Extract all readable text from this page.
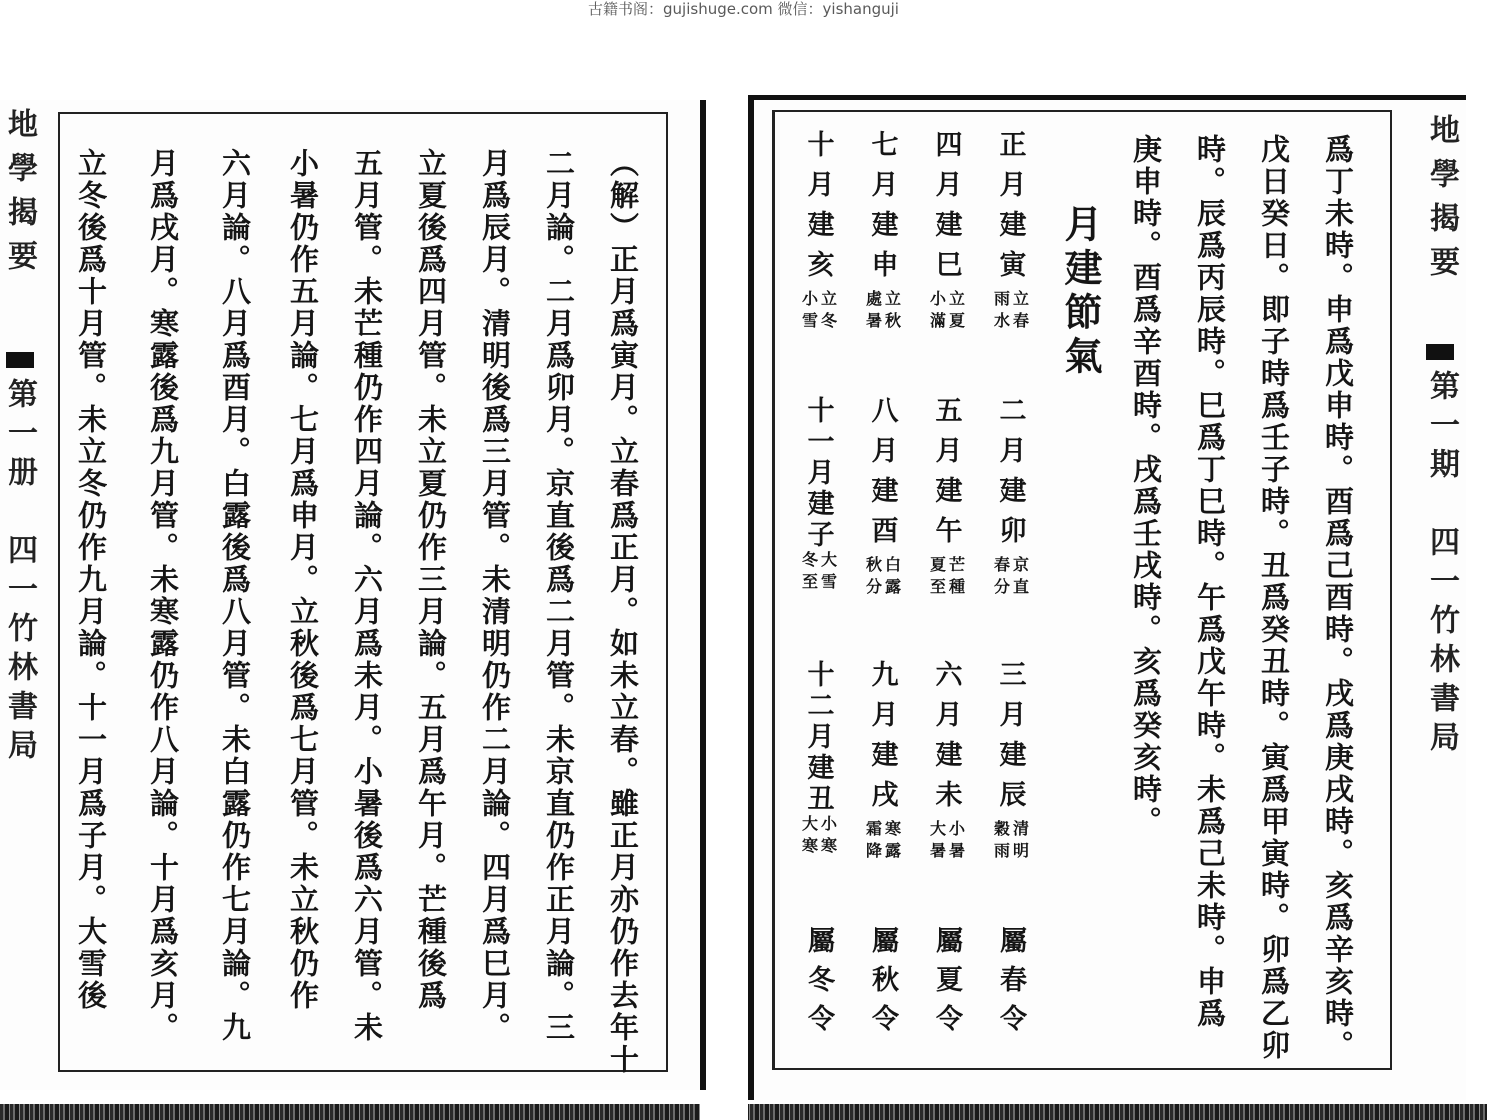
古籍书阁：gujishuge.com 微信：yishanguji
地學揭要
第一册　四一竹林書局	（解）正月爲寅月。立春爲正月。如未立春。雖正月亦仍作去年十
二月論。二月爲卯月。京直後爲二月管。未京直仍作正月論。三
月爲辰月。清明後爲三月管。未清明仍作二月論。四月爲巳月。
立夏後爲四月管。未立夏仍作三月論。五月爲午月。芒種後爲
五月管。未芒種仍作四月論。六月爲未月。小暑後爲六月管。未
小暑仍作五月論。七月爲申月。立秋後爲七月管。未立秋仍作
六月論。八月爲酉月。白露後爲八月管。未白露仍作七月論。九
月爲戌月。寒露後爲九月管。未寒露仍作八月論。十月爲亥月。
立冬後爲十月管。未立冬仍作九月論。十一月爲子月。大雪後	爲丁未時。申爲戊申時。酉爲己酉時。戌爲庚戌時。亥爲辛亥時。
戊日癸日。即子時爲壬子時。丑爲癸丑時。寅爲甲寅時。卯爲乙卯
時。辰爲丙辰時。巳爲丁巳時。午爲戊午時。未爲己未時。申爲
庚申時。酉爲辛酉時。戌爲壬戌時。亥爲癸亥時。
月建節氣
正月建寅
立春
雨水
二月建卯
京直
春分
三月建辰
清明
穀雨
屬春令
四月建巳
立夏
小滿
五月建午
芒種
夏至
六月建未
小暑
大暑
屬夏令
七月建申
立秋
處暑
八月建酉
白露
秋分
九月建戌
寒露
霜降
屬秋令
十月建亥
立冬
小雪
十一月建子
大雪
冬至
十二月建丑
小寒
大寒
屬冬令
地學揭要
第一期　四一竹林書局
